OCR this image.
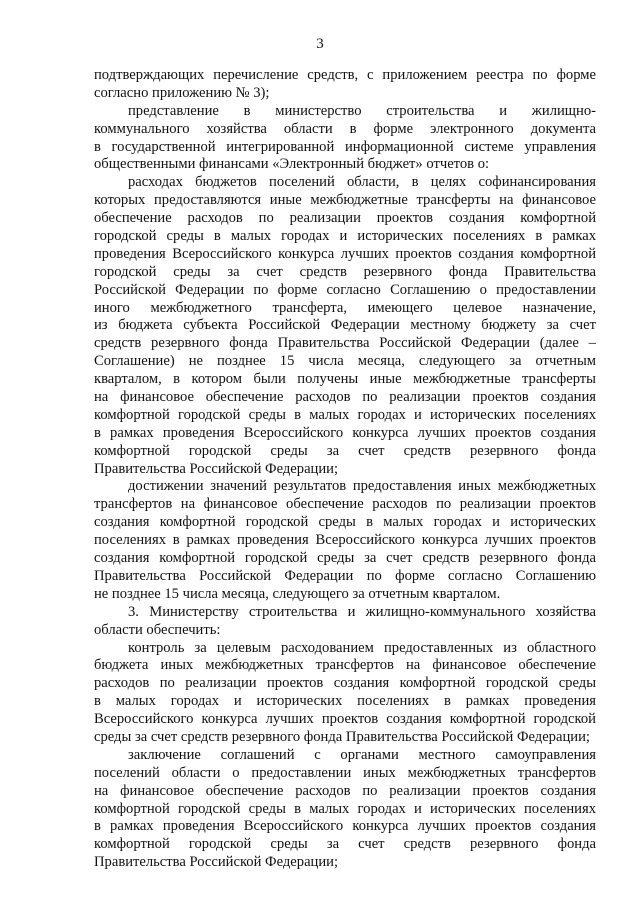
3
подтверждающих перечисление средств, с приложением реестра по форме
согласно приложению № 3);
представление в министерство строительства и жилищно-
коммунального хозяйства области в форме электронного документа
в государственной интегрированной информационной системе управления
общественными финансами «Электронный бюджет» отчетов о:
расходах бюджетов поселений области, в целях софинансирования
которых предоставляются иные межбюджетные трансферты на финансовое
обеспечение расходов по реализации проектов создания комфортной
городской среды в малых городах и исторических поселениях в рамках
проведения Всероссийского конкурса лучших проектов создания комфортной
городской среды за счет средств резервного фонда Правительства
Российской Федерации по форме согласно Соглашению о предоставлении
иного межбюджетного трансферта, имеющего целевое назначение,
из бюджета субъекта Российской Федерации местному бюджету за счет
средств резервного фонда Правительства Российской Федерации (далее –
Соглашение) не позднее 15 числа месяца, следующего за отчетным
кварталом, в котором были получены иные межбюджетные трансферты
на финансовое обеспечение расходов по реализации проектов создания
комфортной городской среды в малых городах и исторических поселениях
в рамках проведения Всероссийского конкурса лучших проектов создания
комфортной городской среды за счет средств резервного фонда
Правительства Российской Федерации;
достижении значений результатов предоставления иных межбюджетных
трансфертов на финансовое обеспечение расходов по реализации проектов
создания комфортной городской среды в малых городах и исторических
поселениях в рамках проведения Всероссийского конкурса лучших проектов
создания комфортной городской среды за счет средств резервного фонда
Правительства Российской Федерации по форме согласно Соглашению
не позднее 15 числа месяца, следующего за отчетным кварталом.
3. Министерству строительства и жилищно-коммунального хозяйства
области обеспечить:
контроль за целевым расходованием предоставленных из областного
бюджета иных межбюджетных трансфертов на финансовое обеспечение
расходов по реализации проектов создания комфортной городской среды
в малых городах и исторических поселениях в рамках проведения
Всероссийского конкурса лучших проектов создания комфортной городской
среды за счет средств резервного фонда Правительства Российской Федерации;
заключение соглашений с органами местного самоуправления
поселений области о предоставлении иных межбюджетных трансфертов
на финансовое обеспечение расходов по реализации проектов создания
комфортной городской среды в малых городах и исторических поселениях
в рамках проведения Всероссийского конкурса лучших проектов создания
комфортной городской среды за счет средств резервного фонда
Правительства Российской Федерации;
